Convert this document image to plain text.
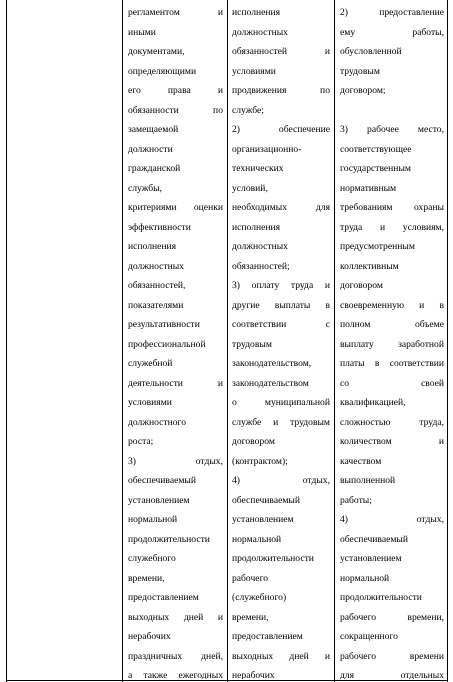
регламентом и
иными
документами,
определяющими
его права и
обязанности по
замещаемой
должности
гражданской
службы,
критериями оценки
эффективности
исполнения
должностных
обязанностей,
показателями
результативности
профессиональной
служебной
деятельности и
условиями
должностного
роста;
3) отдых,
обеспечиваемый
установлением
нормальной
продолжительности
служебного
времени,
предоставлением
выходных дней и
нерабочих
праздничных дней,
а также ежегодных
исполнения
должностных
обязанностей и
условиями
продвижения по
службе;
2) обеспечение
организационно-
технических
условий,
необходимых для
исполнения
должностных
обязанностей;
3) оплату труда и
другие выплаты в
соответствии с
трудовым
законодательством,
законодательством
о муниципальной
службе и трудовым
договором
(контрактом);
4) отдых,
обеспечиваемый
установлением
нормальной
продолжительности
рабочего
(служебного)
времени,
предоставлением
выходных дней и
нерабочих
2) предоставление
ему работы,
обусловленной
трудовым
договором;
3) рабочее место,
соответствующее
государственным
нормативным
требованиям охраны
труда и условиям,
предусмотренным
коллективным
договором
своевременную и в
полном объеме
выплату заработной
платы в соответствии
со своей
квалификацией,
сложностью труда,
количеством и
качеством
выполненной
работы;
4) отдых,
обеспечиваемый
установлением
нормальной
продолжительности
рабочего времени,
сокращенного
рабочего времени
для отдельных
